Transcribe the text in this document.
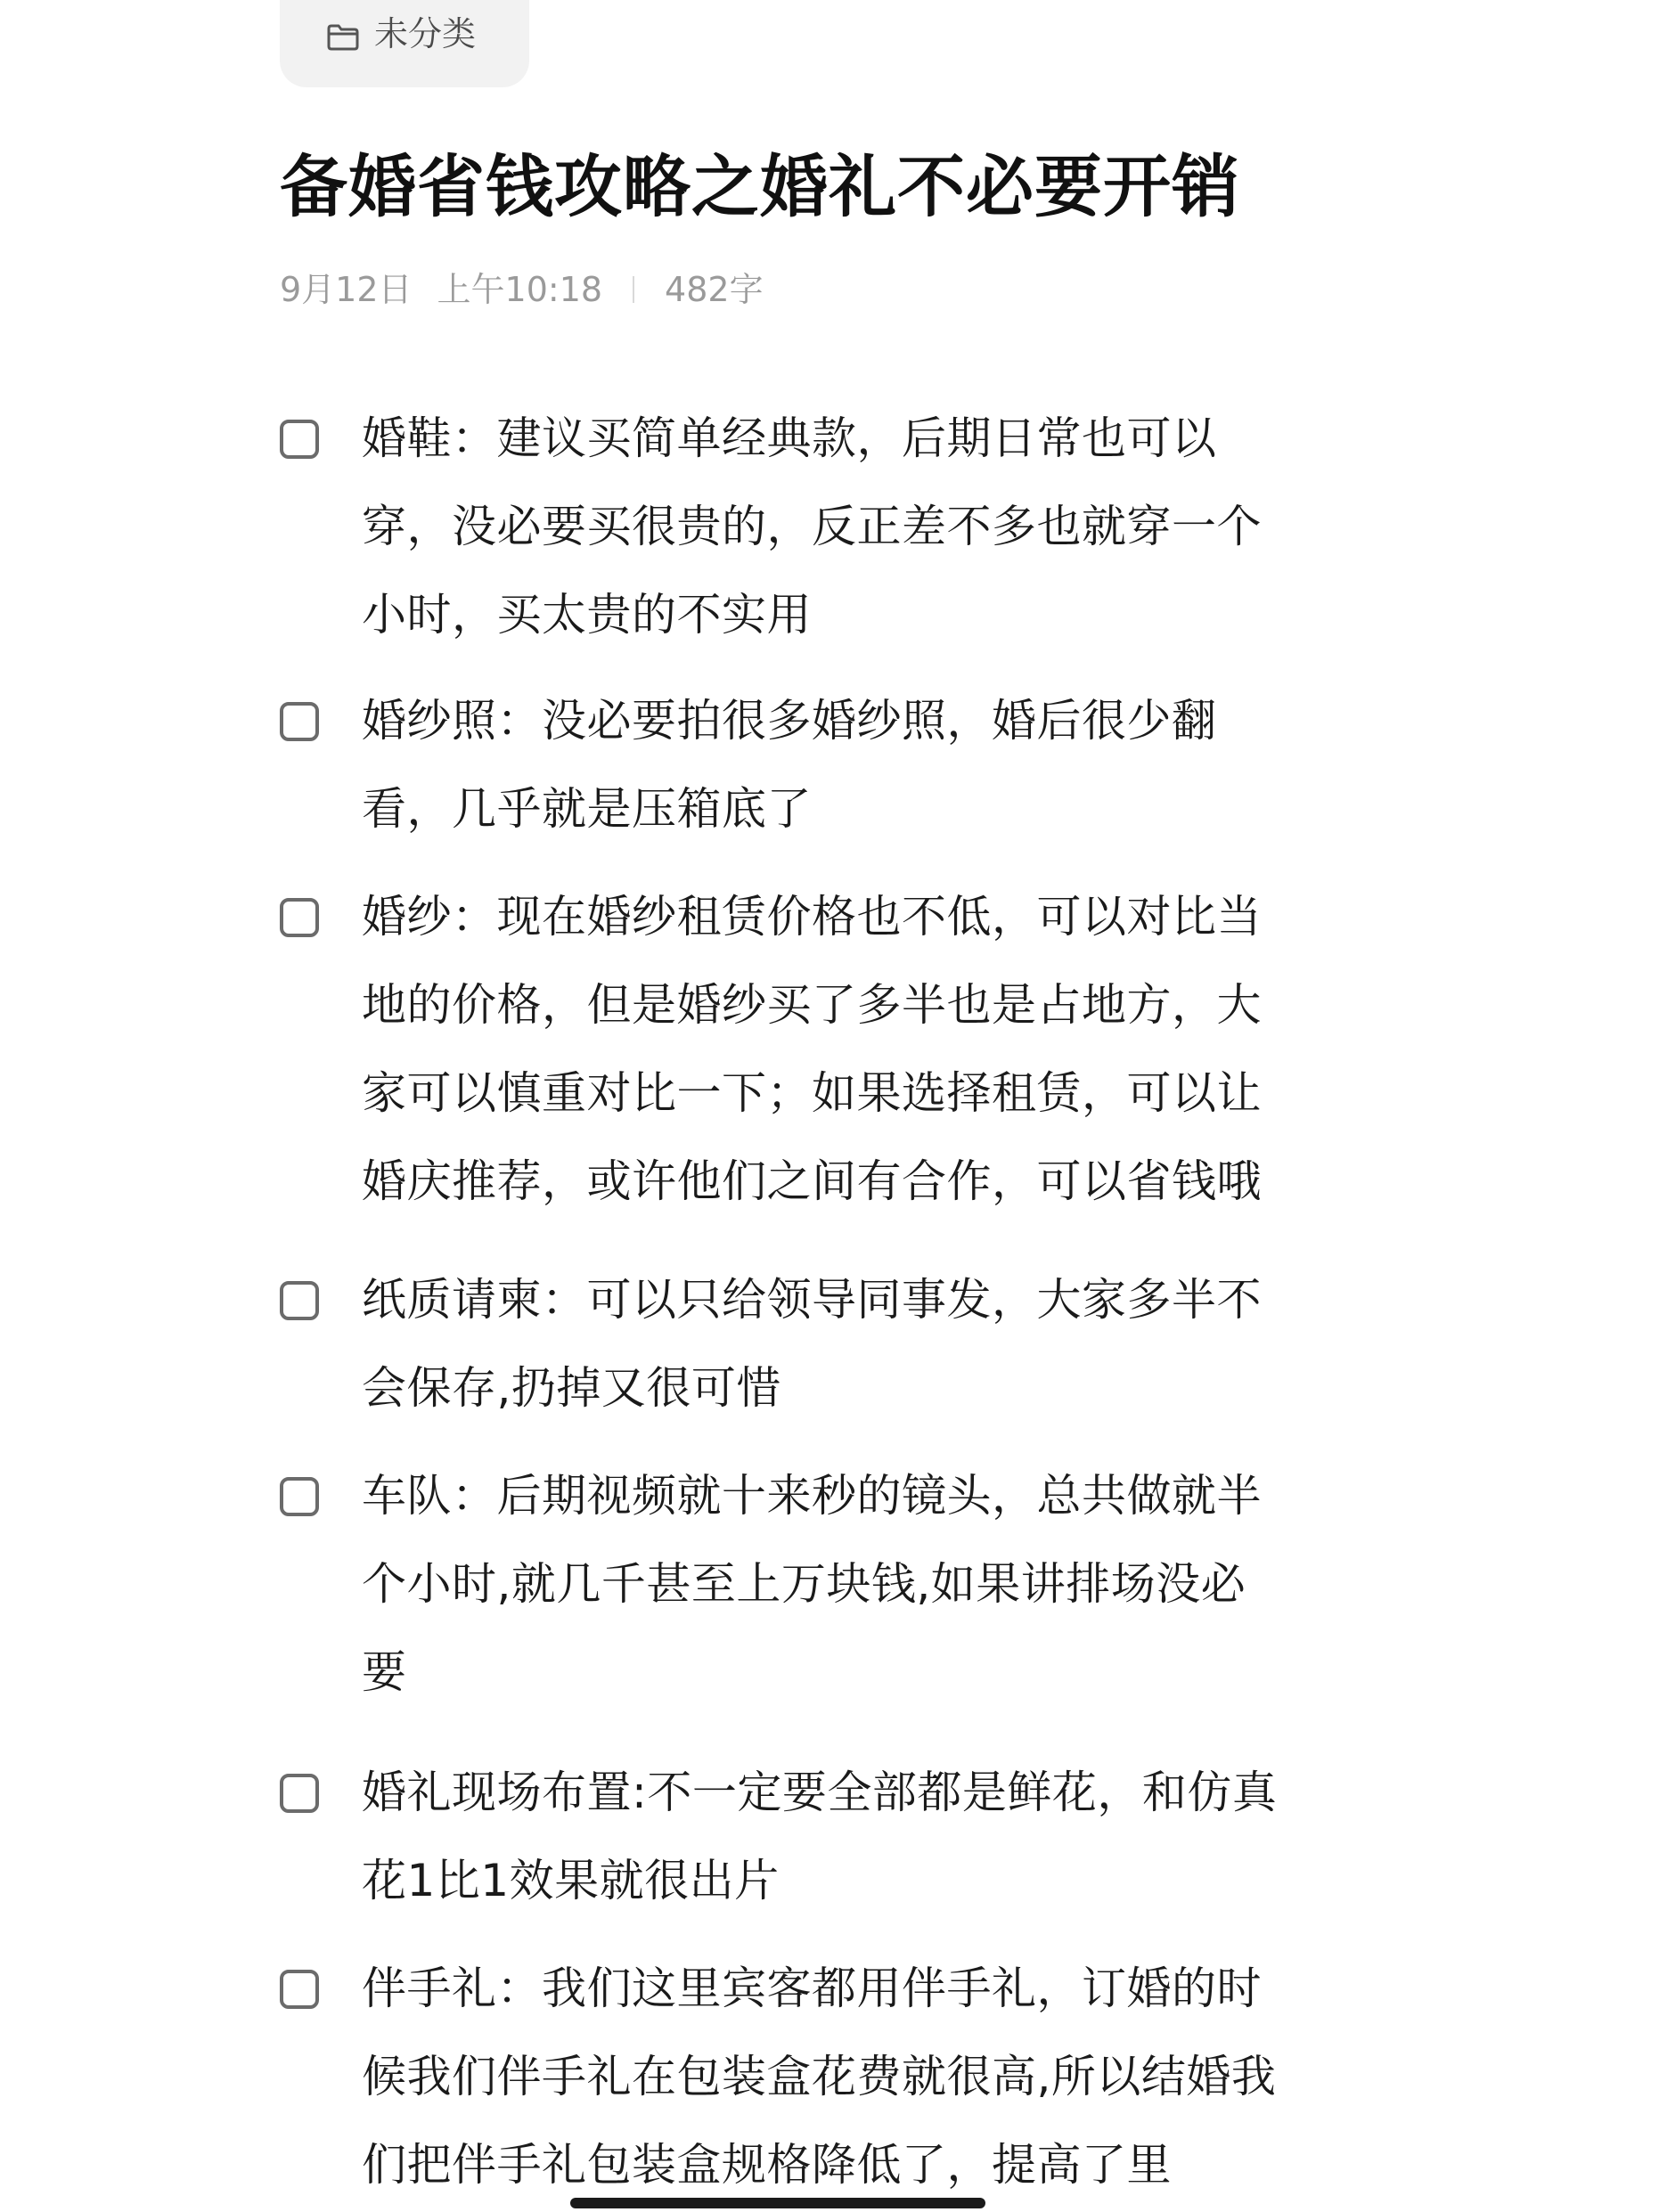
未分类
备婚省钱攻略之婚礼不必要开销
9月12日 上午10:18 482字
婚鞋：建议买简单经典款，后期日常也可以穿，没必要买很贵的，反正差不多也就穿一个小时，买太贵的不实用
婚纱照：没必要拍很多婚纱照，婚后很少翻看，几乎就是压箱底了
婚纱：现在婚纱租赁价格也不低，可以对比当地的价格，但是婚纱买了多半也是占地方，大家可以慎重对比一下；如果选择租赁，可以让婚庆推荐，或许他们之间有合作，可以省钱哦
纸质请柬：可以只给领导同事发，大家多半不会保存,扔掉又很可惜
车队：后期视频就十来秒的镜头，总共做就半个小时,就几千甚至上万块钱,如果讲排场没必要
婚礼现场布置:不一定要全部都是鲜花，和仿真花1比1效果就很出片
伴手礼：我们这里宾客都用伴手礼，订婚的时候我们伴手礼在包装盒花费就很高,所以结婚我们把伴手礼包装盒规格降低了，提高了里
